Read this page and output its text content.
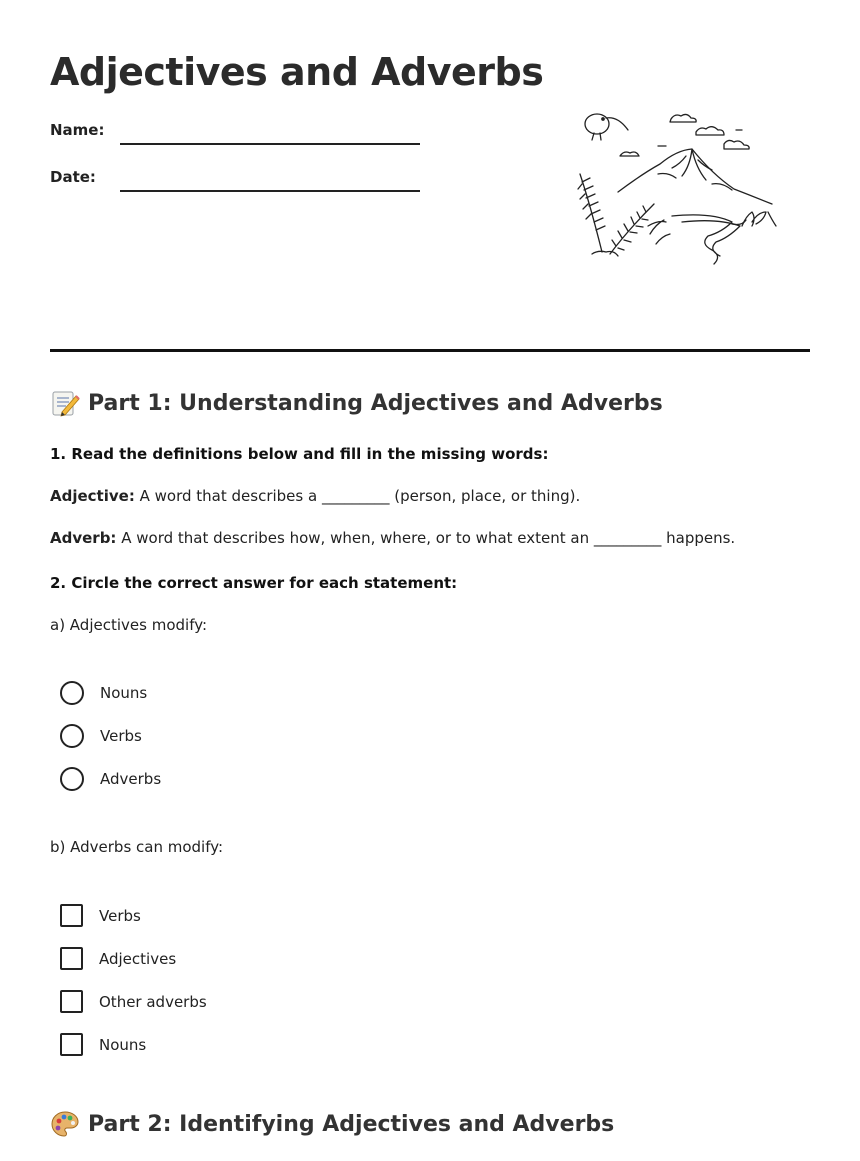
Adjectives and Adverbs
Name:
Date:
Part 1: Understanding Adjectives and Adverbs
1. Read the definitions below and fill in the missing words:
Adjective: A word that describes a _________ (person, place, or thing).
Adverb: A word that describes how, when, where, or to what extent an _________ happens.
2. Circle the correct answer for each statement:
a) Adjectives modify:
Nouns
Verbs
Adverbs
b) Adverbs can modify:
Verbs
Adjectives
Other adverbs
Nouns
Part 2: Identifying Adjectives and Adverbs
